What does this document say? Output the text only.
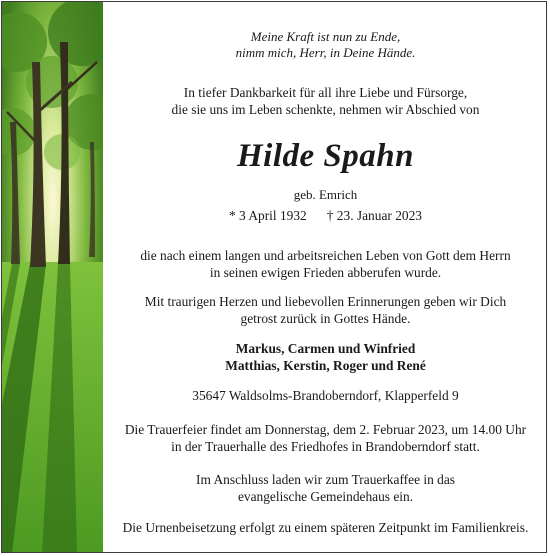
Meine Kraft ist nun zu Ende,
nimm mich, Herr, in Deine Hände.
In tiefer Dankbarkeit für all ihre Liebe und Fürsorge,
die sie uns im Leben schenkte, nehmen wir Abschied von
Hilde Spahn
geb. Emrich
* 3 April 1932 † 23. Januar 2023
die nach einem langen und arbeitsreichen Leben von Gott dem Herrn
in seinen ewigen Frieden abberufen wurde.
Mit traurigen Herzen und liebevollen Erinnerungen geben wir Dich
getrost zurück in Gottes Hände.
Markus, Carmen und Winfried
Matthias, Kerstin, Roger und René
35647 Waldsolms-Brandoberndorf, Klapperfeld 9
Die Trauerfeier findet am Donnerstag, dem 2. Februar 2023, um 14.00 Uhr
in der Trauerhalle des Friedhofes in Brandoberndorf statt.
Im Anschluss laden wir zum Trauerkaffee in das
evangelische Gemeindehaus ein.
Die Urnenbeisetzung erfolgt zu einem späteren Zeitpunkt im Familienkreis.
